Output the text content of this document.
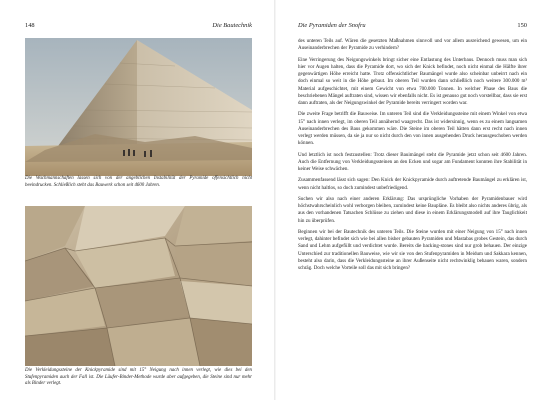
148	Die Bautechnik

Die Wachmannschaften lassen sich von der angeblichen Instabilität der Pyramide offensichtlich nicht beeindrucken. Schließlich steht das Bauwerk schon seit 4600 Jahren.

Die Verkleidungssteine der Knickpyramide sind mit 15° Neigung nach innen verlegt, wie dies bei den Stufenpyramiden auch der Fall ist. Die Läufer-Binder-Methode wurde aber aufgegeben, die Steine sind nur mehr als Binder verlegt.

Die Pyramiden der Snofru	150

des unteren Teils auf. Wären die gesetzten Maßnahmen sinnvoll und vor allem ausreichend gewesen, um ein Auseinanderbrechen der Pyramide zu verhindern?

Eine Verringerung des Neigungswinkels bringt sicher eine Entlastung des Unterbaus. Dennoch muss man sich hier vor Augen halten, dass die Pyramide dort, wo sich der Knick befindet, noch nicht einmal die Hälfte ihrer gegenwärtigen Höhe erreicht hatte. Trotz offensichtlicher Baumängel wurde also scheinbar unbeirrt nach ein doch einmal so weit in die Höhe gebaut. Im oberen Teil wurden dann schließlich noch weitere 300.000 m³ Material aufgeschichtet, mit einem Gewicht von etwa 700.000 Tonnen. In welcher Phase des Baus die beschriebenen Mängel auftraten sind, wissen wir ebenfalls nicht. Es ist genauso gut noch vorstellbar, dass sie erst dann auftraten, als der Neigungswinkel der Pyramide bereits verringert worden war.

Die zweite Frage betrifft die Bauweise. Im unteren Teil sind die Verkleidungssteine mit einem Winkel von etwa 15° nach innen verlegt, im oberen Teil annähernd waagrecht. Das ist widersinnig, wenn es zu einem langsamen Auseinanderbrechen des Baus gekommen wäre. Die Steine im oberen Teil hätten dann erst recht nach innen verlegt werden müssen, da sie ja nur so nicht durch den von innen ausgehenden Druck herausgeschoben werden können.

Und letztlich ist noch festzustellen: Trotz dieser Bauimängel steht die Pyramide jetzt schon seit 4600 Jahren. Auch die Entfernung von Verkleidungssteinen an den Ecken und sogar am Fundament konnten ihre Stabilität in keiner Weise schwächen.

Zusammenfassend lässt sich sagen: Den Knick der Knickpyramide durch auftretende Baumängel zu erklären ist, wenn nicht haltlos, so doch zumindest unbefriedigend.

Suchen wir also nach einer anderen Erklärung: Das ursprüngliche Vorhaben der Pyramidenbauer wird höchstwahrscheinlich wohl verborgen bleiben, zumindest keine Baupläne. Es bleibt also nichts anderes übrig, als aus den vorhandenen Tatsachen Schlüsse zu ziehen und diese in einem Erklärungsmodell auf ihre Tauglichkeit hin zu überprüfen.

Beginnen wir bei der Bautechnik des unteren Teils. Die Steine wurden mit einer Neigung von 15° nach innen verlegt, dahinter befindet sich wie bei allen bisher gebauten Pyramiden und Mastabas grobes Gestein, das durch Sand und Lehm aufgefüllt und verdichtet wurde. Bereits die backing-stones sind nur grob behauen. Der einzige Unterschied zur traditionellen Bauweise, wie wir sie von den Stufenpyramiden in Meidum und Sakkara kennen, besteht also darin, dass die Verkleidungssteine an ihrer Außenseite nicht rechtwinklig behauen waren, sondern schräg. Doch welche Vorteile soll das mit sich bringen?
